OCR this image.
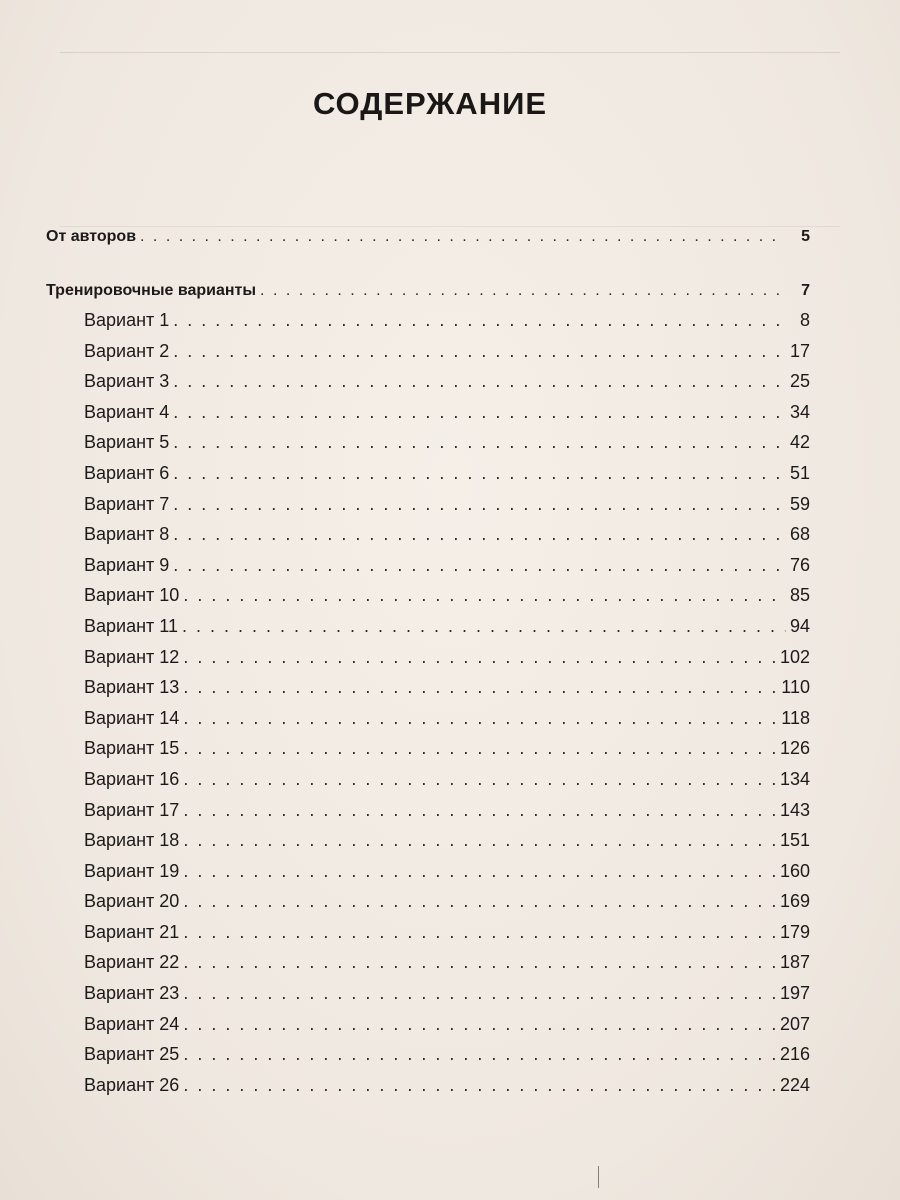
СОДЕРЖАНИЕ
От авторов . . .	5
Тренировочные варианты . . .	7
Вариант 1 . . .	8
Вариант 2 . . .	17
Вариант 3 . . .	25
Вариант 4 . . .	34
Вариант 5 . . .	42
Вариант 6 . . .	51
Вариант 7 . . .	59
Вариант 8 . . .	68
Вариант 9 . . .	76
Вариант 10 . . .	85
Вариант 11 . . .	94
Вариант 12 . . .	102
Вариант 13 . . .	110
Вариант 14 . . .	118
Вариант 15 . . .	126
Вариант 16 . . .	134
Вариант 17 . . .	143
Вариант 18 . . .	151
Вариант 19 . . .	160
Вариант 20 . . .	169
Вариант 21 . . .	179
Вариант 22 . . .	187
Вариант 23 . . .	197
Вариант 24 . . .	207
Вариант 25 . . .	216
Вариант 26 . . .	224
